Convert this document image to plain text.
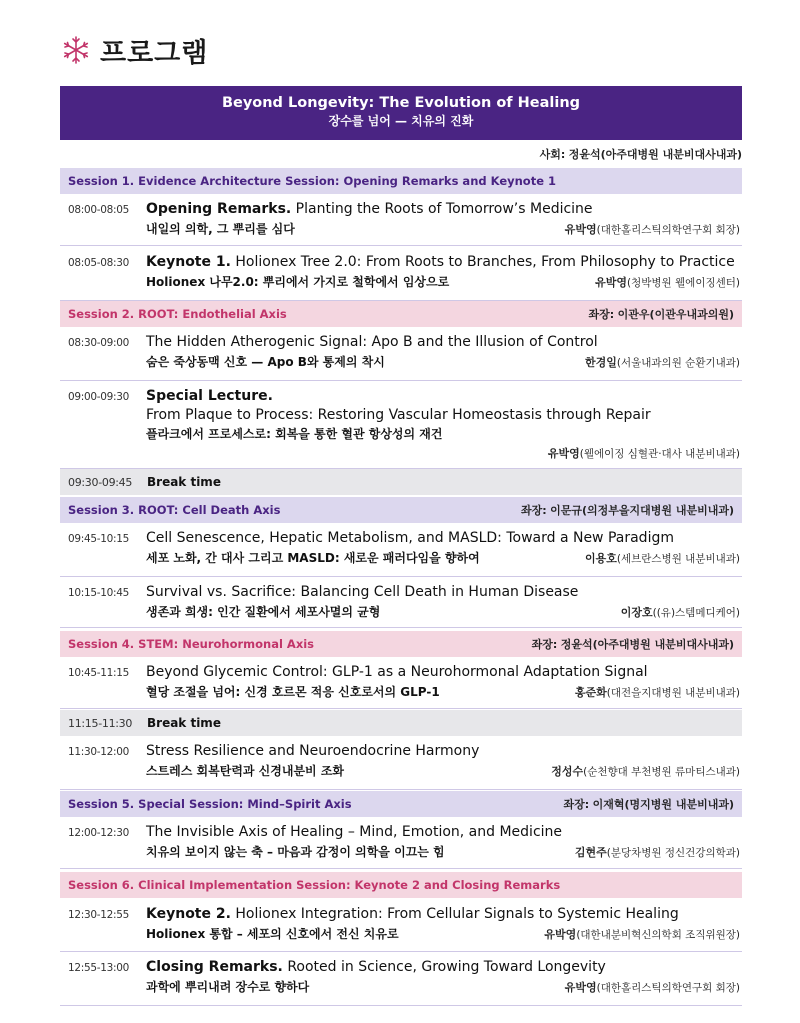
프로그램
Beyond Longevity: The Evolution of Healing
장수를 넘어 — 치유의 진화
사회: 정윤석(아주대병원 내분비대사내과)
Session 1. Evidence Architecture Session: Opening Remarks and Keynote 1
08:00-08:05 Opening Remarks. Planting the Roots of Tomorrow’s Medicine
내일의 의학, 그 뿌리를 심다	유박영(대한홀리스틱의학연구회 회장)
08:05-08:30 Keynote 1. Holionex Tree 2.0: From Roots to Branches, From Philosophy to Practice
Holionex 나무2.0: 뿌리에서 가지로 철학에서 임상으로	유박영(청박병원 웰에이징센터)
Session 2. ROOT: Endothelial Axis	좌장: 이관우(이관우내과의원)
08:30-09:00 The Hidden Atherogenic Signal: Apo B and the Illusion of Control
숨은 죽상동맥 신호 — Apo B와 통제의 착시	한경일(서울내과의원 순환기내과)
09:00-09:30 Special Lecture.
From Plaque to Process: Restoring Vascular Homeostasis through Repair
플라크에서 프로세스로: 회복을 통한 혈관 항상성의 재건
유박영(웰에이징 심혈관·대사 내분비내과)
09:30-09:45	Break time
Session 3. ROOT: Cell Death Axis	좌장: 이문규(의정부을지대병원 내분비내과)
09:45-10:15 Cell Senescence, Hepatic Metabolism, and MASLD: Toward a New Paradigm
세포 노화, 간 대사 그리고 MASLD: 새로운 패러다임을 향하여	이용호(세브란스병원 내분비내과)
10:15-10:45 Survival vs. Sacrifice: Balancing Cell Death in Human Disease
생존과 희생: 인간 질환에서 세포사멸의 균형	이장호((유)스템메디케어)
Session 4. STEM: Neurohormonal Axis	좌장: 정윤석(아주대병원 내분비대사내과)
10:45-11:15 Beyond Glycemic Control: GLP-1 as a Neurohormonal Adaptation Signal
혈당 조절을 넘어: 신경 호르몬 적응 신호로서의 GLP-1	홍준화(대전을지대병원 내분비내과)
11:15-11:30	Break time
11:30-12:00 Stress Resilience and Neuroendocrine Harmony
스트레스 회복탄력과 신경내분비 조화	정성수(순천향대 부천병원 류마티스내과)
Session 5. Special Session: Mind–Spirit Axis	좌장: 이재혁(명지병원 내분비내과)
12:00-12:30 The Invisible Axis of Healing – Mind, Emotion, and Medicine
치유의 보이지 않는 축 – 마음과 감정이 의학을 이끄는 힘	김현주(분당차병원 정신건강의학과)
Session 6. Clinical Implementation Session: Keynote 2 and Closing Remarks
12:30-12:55 Keynote 2. Holionex Integration: From Cellular Signals to Systemic Healing
Holionex 통합 – 세포의 신호에서 전신 치유로	유박영(대한내분비혁신의학회 조직위원장)
12:55-13:00 Closing Remarks. Rooted in Science, Growing Toward Longevity
과학에 뿌리내려 장수로 향하다	유박영(대한홀리스틱의학연구회 회장)
